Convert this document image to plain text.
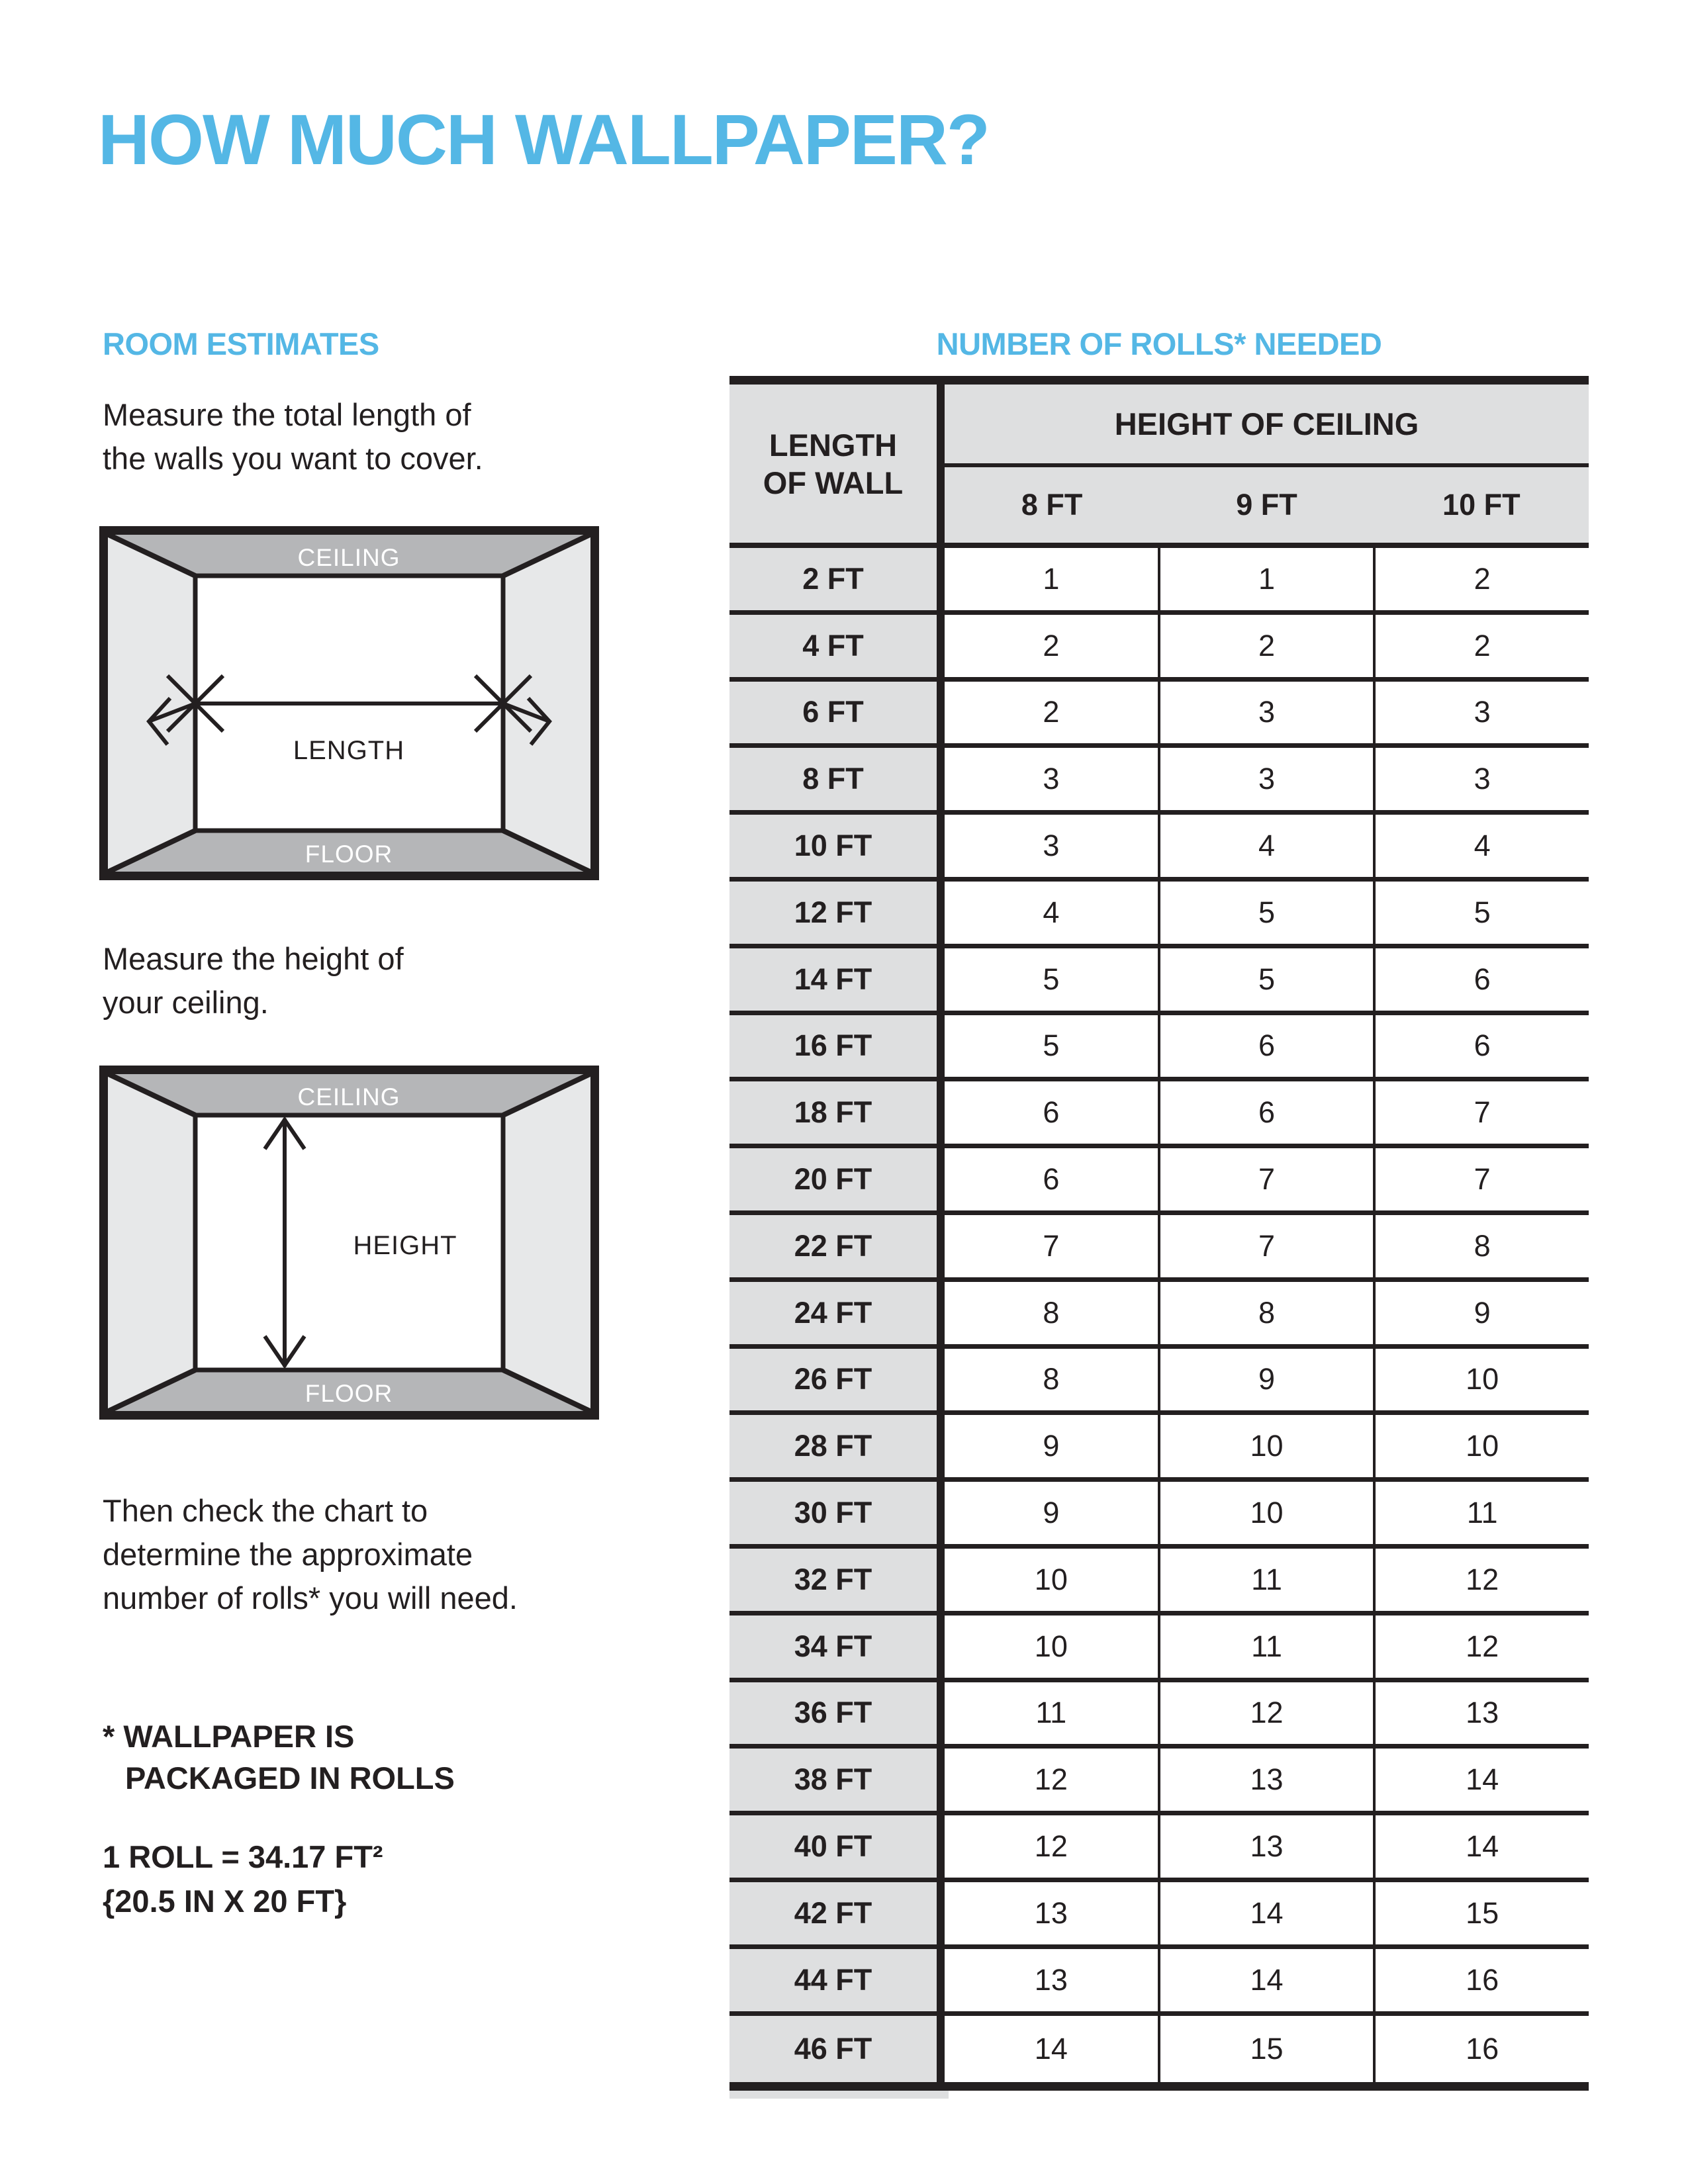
HOW MUCH WALLPAPER?
ROOM ESTIMATES	NUMBER OF ROLLS* NEEDED
Measure the total length of
the walls you want to cover.
CEILING
FLOOR
LENGTH
Measure the height of
your ceiling.
CEILING
FLOOR
HEIGHT
Then check the chart to
determine the approximate
number of rolls* you will need.
* WALLPAPER IS
PACKAGED IN ROLLS
1 ROLL = 34.17 FT²
{20.5 IN X 20 FT}
LENGTH
OF WALL
HEIGHT OF CEILING
8 FT	9 FT	10 FT
2 FT	1	1	2
4 FT	2	2	2
6 FT	2	3	3
8 FT	3	3	3
10 FT	3	4	4
12 FT	4	5	5
14 FT	5	5	6
16 FT	5	6	6
18 FT	6	6	7
20 FT	6	7	7
22 FT	7	7	8
24 FT	8	8	9
26 FT	8	9	10
28 FT	9	10	10
30 FT	9	10	11
32 FT	10	11	12
34 FT	10	11	12
36 FT	11	12	13
38 FT	12	13	14
40 FT	12	13	14
42 FT	13	14	15
44 FT	13	14	16
46 FT	14	15	16
